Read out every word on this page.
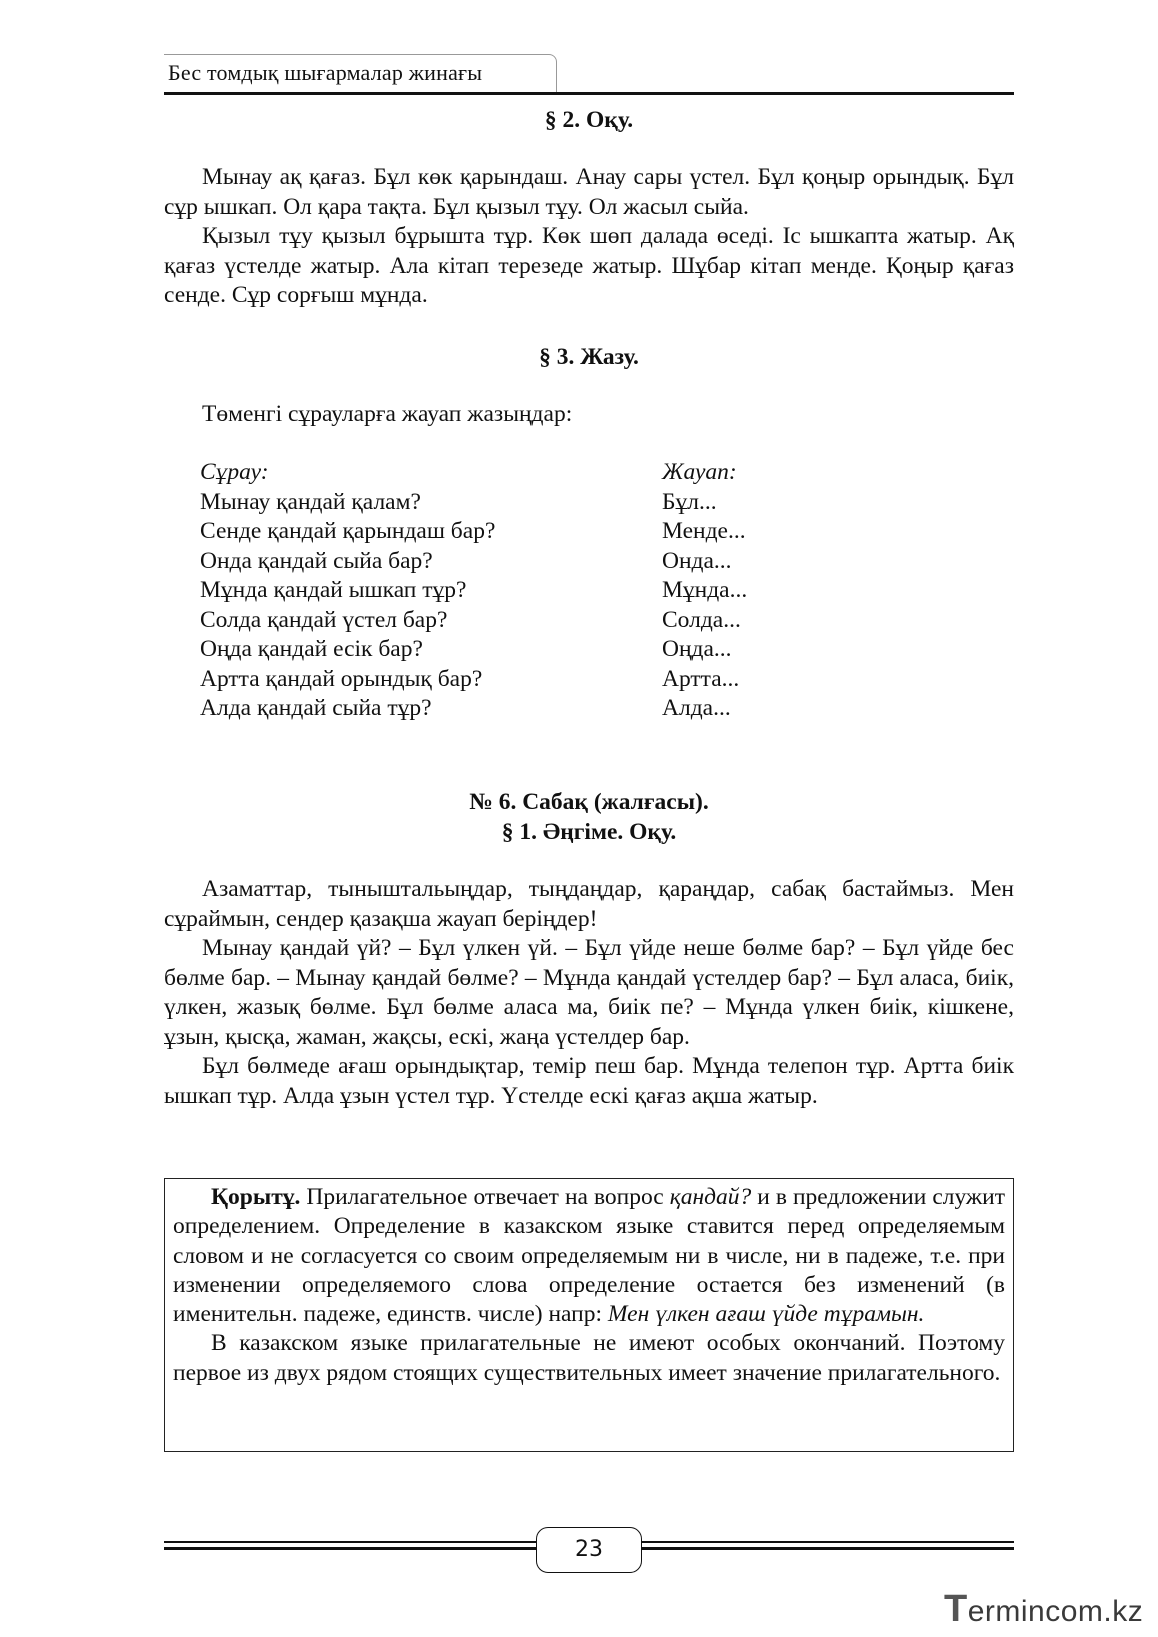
Бес томдық шығармалар жинағы
§ 2. Оқу.

Мынау ақ қағаз. Бұл көк қарындаш. Анау сары үстел. Бұл қоңыр орындық. Бұл сұр ышкап. Ол қара тақта. Бұл қызыл тұу. Ол жасыл сыйа.

Қызыл тұу қызыл бұрышта тұр. Көк шөп далада өседі. Іс ышкапта жатыр. Ақ қағаз үстелде жатыр. Ала кітап терезеде жатыр. Шұбар кітап менде. Қоңыр қағаз сенде. Сұр сорғыш мұнда.

§ 3. Жазу.

Төменгі сұрауларға жауап жазыңдар:

Сұрау:	Жауап:
Мынау қандай қалам?	Бұл...
Сенде қандай қарындаш бар?	Менде...
Онда қандай сыйа бар?	Онда...
Мұнда қандай ышкап тұр?	Мұнда...
Солда қандай үстел бар?	Солда...
Оңда қандай есік бар?	Оңда...
Артта қандай орындық бар?	Артта...
Алда қандай сыйа тұр?	Алда...
№ 6. Сабақ (жалғасы).
§ 1. Әңгіме. Оқу.

Азаматтар, тыныштальыңдар, тыңдаңдар, қараңдар, сабақ бастаймыз. Мен сұраймын, сендер қазақша жауап беріңдер!

Мынау қандай үй? – Бұл үлкен үй. – Бұл үйде неше бөлме бар? – Бұл үйде бес бөлме бар. – Мынау қандай бөлме? – Мұнда қандай үстелдер бар? – Бұл аласа, биік, үлкен, жазық бөлме. Бұл бөлме аласа ма, биік пе? – Мұнда үлкен биік, кішкене, ұзын, қысқа, жаман, жақсы, ескі, жаңа үстелдер бар.

Бұл бөлмеде ағаш орындықтар, темір пеш бар. Мұнда телепон тұр. Артта биік ышкап тұр. Алда ұзын үстел тұр. Үстелде ескі қағаз ақша жатыр.

Қорытұ. Прилагательное отвечает на вопрос қандай? и в предложении служит определением. Определение в казакском языке ставится перед определяемым словом и не согласуется со своим определяемым ни в числе, ни в падеже, т.е. при изменении определяемого слова определение остается без изменений (в именительн. падеже, единств. числе) напр: Мен үлкен ағаш үйде тұрамын.

В казакском языке прилагательные не имеют особых окончаний. Поэтому первое из двух рядом стоящих существительных имеет значение прилагательного.

23
Termincom.kz
